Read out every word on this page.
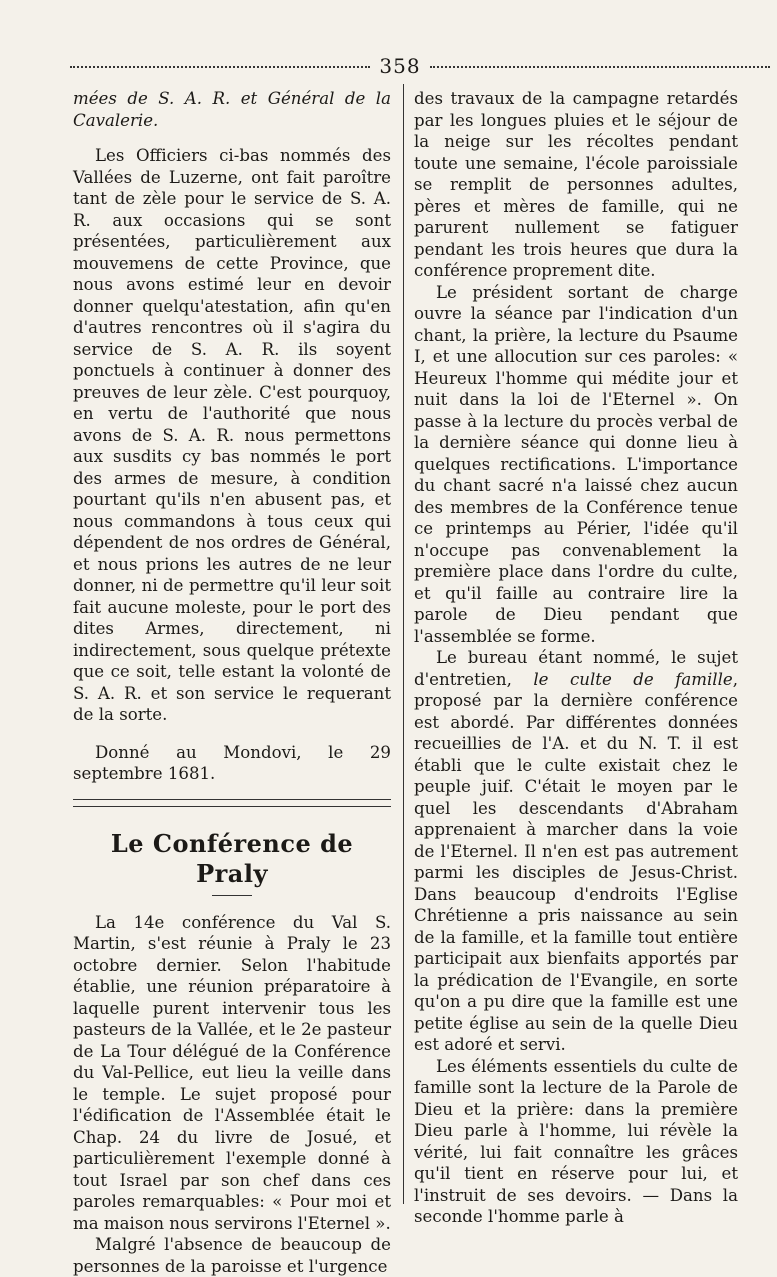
358

mées de S. A. R. et Général de la Cavalerie.

Les Officiers ci-bas nommés des Vallées de Luzerne, ont fait paroître tant de zèle pour le service de S. A. R. aux occasions qui se sont présentées, particulièrement aux mouvemens de cette Province, que nous avons estimé leur en devoir donner quelqu'atestation, afin qu'en d'autres rencontres où il s'agira du service de S. A. R. ils soyent ponctuels à continuer à donner des preuves de leur zèle. C'est pourquoy, en vertu de l'authorité que nous avons de S. A. R. nous permettons aux susdits cy bas nommés le port des armes de mesure, à condition pourtant qu'ils n'en abusent pas, et nous commandons à tous ceux qui dépendent de nos ordres de Général, et nous prions les autres de ne leur donner, ni de permettre qu'il leur soit fait aucune moleste, pour le port des dites Armes, directement, ni indirectement, sous quelque prétexte que ce soit, telle estant la volonté de S. A. R. et son service le requerant de la sorte.

Donné au Mondovi, le 29 septembre 1681.

Le Conférence de Praly

La 14e conférence du Val S. Martin, s'est réunie à Praly le 23 octobre dernier. Selon l'habitude établie, une réunion préparatoire à laquelle purent intervenir tous les pasteurs de la Vallée, et le 2e pasteur de La Tour délégué de la Conférence du Val-Pellice, eut lieu la veille dans le temple. Le sujet proposé pour l'édification de l'Assemblée était le Chap. 24 du livre de Josué, et particulièrement l'exemple donné à tout Israel par son chef dans ces paroles remarquables: « Pour moi et ma maison nous servirons l'Eternel ».

Malgré l'absence de beaucoup de personnes de la paroisse et l'urgence

des travaux de la campagne retardés par les longues pluies et le séjour de la neige sur les récoltes pendant toute une semaine, l'école paroissiale se remplit de personnes adultes, pères et mères de famille, qui ne parurent nullement se fatiguer pendant les trois heures que dura la conférence proprement dite.

Le président sortant de charge ouvre la séance par l'indication d'un chant, la prière, la lecture du Psaume I, et une allocution sur ces paroles: « Heureux l'homme qui médite jour et nuit dans la loi de l'Eternel ». On passe à la lecture du procès verbal de la dernière séance qui donne lieu à quelques rectifications. L'importance du chant sacré n'a laissé chez aucun des membres de la Conférence tenue ce printemps au Périer, l'idée qu'il n'occupe pas convenablement la première place dans l'ordre du culte, et qu'il faille au contraire lire la parole de Dieu pendant que l'assemblée se forme.

Le bureau étant nommé, le sujet d'entretien, le culte de famille, proposé par la dernière conférence est abordé. Par différentes données recueillies de l'A. et du N. T. il est établi que le culte existait chez le peuple juif. C'était le moyen par le quel les descendants d'Abraham apprenaient à marcher dans la voie de l'Eternel. Il n'en est pas autrement parmi les disciples de Jesus-Christ. Dans beaucoup d'endroits l'Eglise Chrétienne a pris naissance au sein de la famille, et la famille tout entière participait aux bienfaits apportés par la prédication de l'Evangile, en sorte qu'on a pu dire que la famille est une petite église au sein de la quelle Dieu est adoré et servi.

Les éléments essentiels du culte de famille sont la lecture de la Parole de Dieu et la prière: dans la première Dieu parle à l'homme, lui révèle la vérité, lui fait connaître les grâces qu'il tient en réserve pour lui, et l'instruit de ses devoirs. — Dans la seconde l'homme parle à
